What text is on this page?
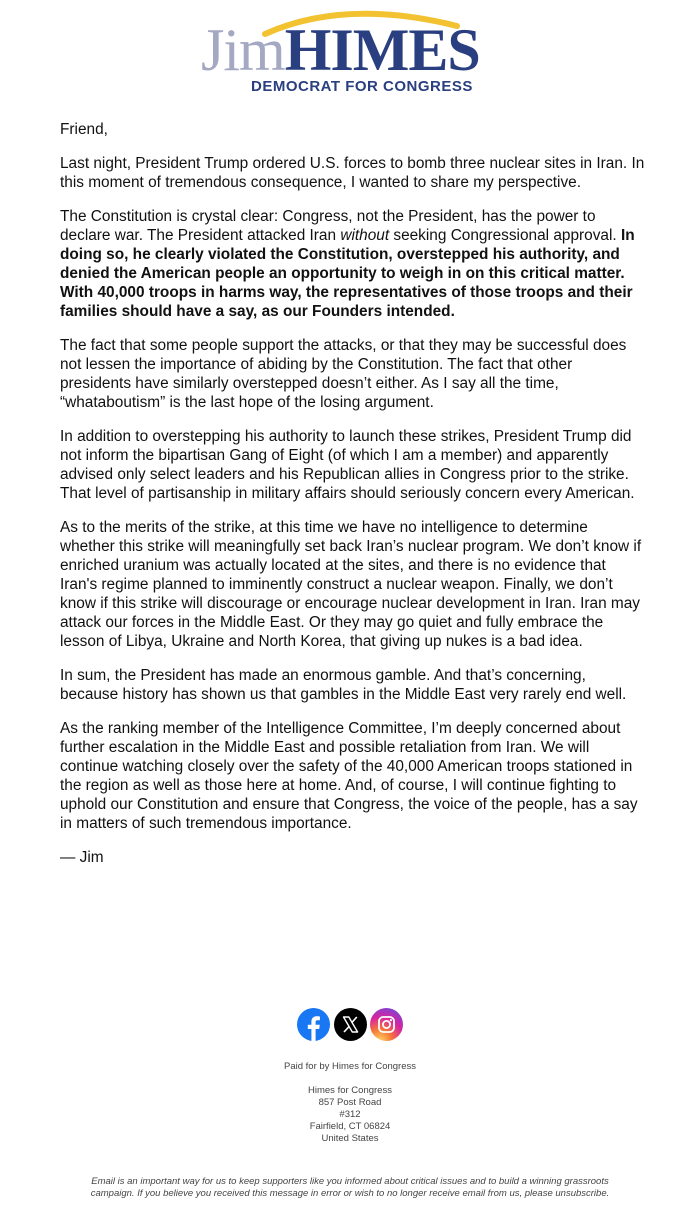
JimHIMES
DEMOCRAT FOR CONGRESS

Friend,

Last night, President Trump ordered U.S. forces to bomb three nuclear sites in Iran. In this moment of tremendous consequence, I wanted to share my perspective.

The Constitution is crystal clear: Congress, not the President, has the power to declare war. The President attacked Iran without seeking Congressional approval. In doing so, he clearly violated the Constitution, overstepped his authority, and denied the American people an opportunity to weigh in on this critical matter. With 40,000 troops in harms way, the representatives of those troops and their families should have a say, as our Founders intended.

The fact that some people support the attacks, or that they may be successful does not lessen the importance of abiding by the Constitution. The fact that other presidents have similarly overstepped doesn’t either. As I say all the time, “whataboutism” is the last hope of the losing argument.

In addition to overstepping his authority to launch these strikes, President Trump did not inform the bipartisan Gang of Eight (of which I am a member) and apparently advised only select leaders and his Republican allies in Congress prior to the strike. That level of partisanship in military affairs should seriously concern every American.

As to the merits of the strike, at this time we have no intelligence to determine whether this strike will meaningfully set back Iran’s nuclear program. We don’t know if enriched uranium was actually located at the sites, and there is no evidence that Iran's regime planned to imminently construct a nuclear weapon. Finally, we don’t know if this strike will discourage or encourage nuclear development in Iran. Iran may attack our forces in the Middle East. Or they may go quiet and fully embrace the lesson of Libya, Ukraine and North Korea, that giving up nukes is a bad idea.

In sum, the President has made an enormous gamble. And that’s concerning, because history has shown us that gambles in the Middle East very rarely end well.

As the ranking member of the Intelligence Committee, I’m deeply concerned about further escalation in the Middle East and possible retaliation from Iran. We will continue watching closely over the safety of the 40,000 American troops stationed in the region as well as those here at home. And, of course, I will continue fighting to uphold our Constitution and ensure that Congress, the voice of the people, has a say in matters of such tremendous importance.

— Jim

Paid for by Himes for Congress
Himes for Congress
857 Post Road
#312
Fairfield, CT 06824
United States
Email is an important way for us to keep supporters like you informed about critical issues and to build a winning grassroots campaign. If you believe you received this message in error or wish to no longer receive email from us, please unsubscribe.
